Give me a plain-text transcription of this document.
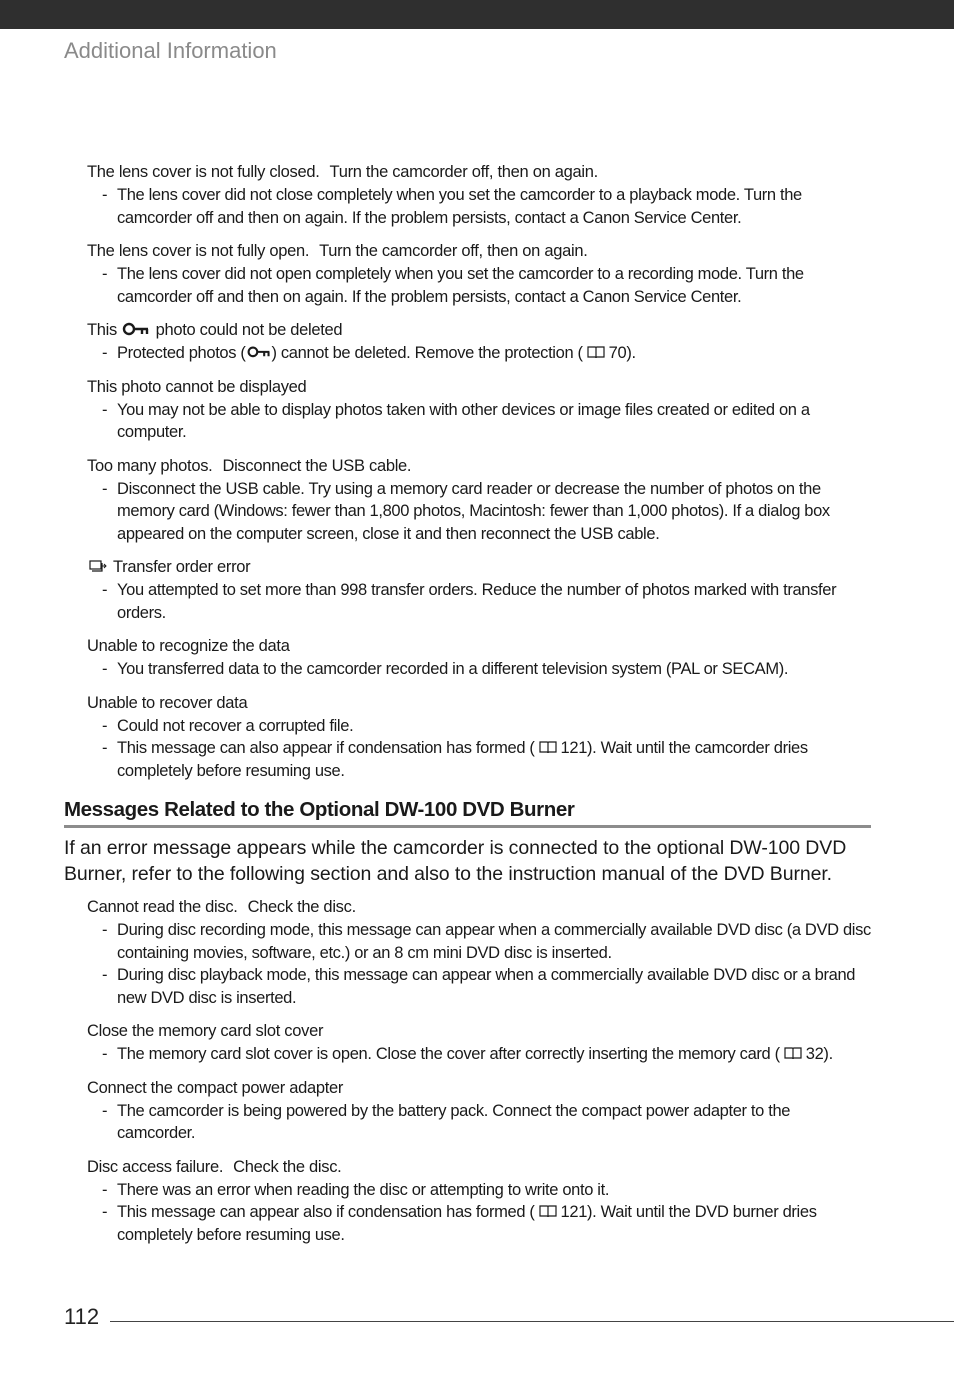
Additional Information
The lens cover is not fully closed. Turn the camcorder off, then on again.
- The lens cover did not close completely when you set the camcorder to a playback mode. Turn the camcorder off and then on again. If the problem persists, contact a Canon Service Center.
The lens cover is not fully open. Turn the camcorder off, then on again.
- The lens cover did not open completely when you set the camcorder to a recording mode. Turn the camcorder off and then on again. If the problem persists, contact a Canon Service Center.
This photo could not be deleted
- Protected photos ( ) cannot be deleted. Remove the protection ( 70).
This photo cannot be displayed
- You may not be able to display photos taken with other devices or image files created or edited on a computer.
Too many photos. Disconnect the USB cable.
- Disconnect the USB cable. Try using a memory card reader or decrease the number of photos on the memory card (Windows: fewer than 1,800 photos, Macintosh: fewer than 1,000 photos). If a dialog box appeared on the computer screen, close it and then reconnect the USB cable.
Transfer order error
- You attempted to set more than 998 transfer orders. Reduce the number of photos marked with transfer orders.
Unable to recognize the data
- You transferred data to the camcorder recorded in a different television system (PAL or SECAM).
Unable to recover data
- Could not recover a corrupted file.
- This message can also appear if condensation has formed ( 121). Wait until the camcorder dries completely before resuming use.
Messages Related to the Optional DW-100 DVD Burner
If an error message appears while the camcorder is connected to the optional DW-100 DVD Burner, refer to the following section and also to the instruction manual of the DVD Burner.
Cannot read the disc. Check the disc.
- During disc recording mode, this message can appear when a commercially available DVD disc (a DVD disc containing movies, software, etc.) or an 8 cm mini DVD disc is inserted.
- During disc playback mode, this message can appear when a commercially available DVD disc or a brand new DVD disc is inserted.
Close the memory card slot cover
- The memory card slot cover is open. Close the cover after correctly inserting the memory card ( 32).
Connect the compact power adapter
- The camcorder is being powered by the battery pack. Connect the compact power adapter to the camcorder.
Disc access failure. Check the disc.
- There was an error when reading the disc or attempting to write onto it.
- This message can appear also if condensation has formed ( 121). Wait until the DVD burner dries completely before resuming use.
112
